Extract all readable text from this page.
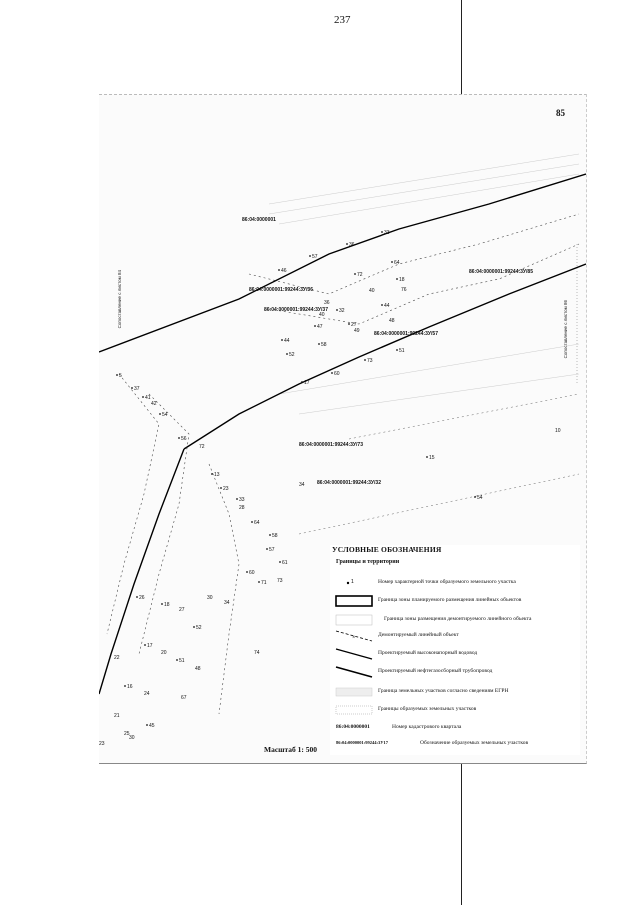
237
85
86:04:0000001
86:04:0000001:99244:3У/85
86:04:0000001:99244:3У/36
86:04:0000001:99244:3У/37
86:04:0000001:99244:3У/57
86:04:0000001:99244:3У/73
86:04:0000001:99244:3У/32
5
37
41
42
54
56
72
13
23
33
28
64
58
57
61
60
71 73
30
34
26
18
27
52
17
20
22	51
48
74
16
24
67
21
45
25
23
30
46
57
36
33
64
72
40
18
76
44
48
32
36
47	27
49
40
44
52
58
73
51
60
17
15
54
34
10
Сопоставление с листом 84
Сопоставление с листом 86
УСЛОВНЫЕ ОБОЗНАЧЕНИЯ
Границы и территории
1	Номер характерной точки образуемого земельного участка
Граница зоны планируемого размещения линейных объектов
Граница зоны размещения демонтируемого линейного объекта
×	Демонтируемый линейный объект
Проектируемый высоконапорный водовод
Проектируемый нефтегазосборный трубопровод
Граница земельных участков согласно сведениям ЕГРН
Границы образуемых земельных участков
86:04:0000001	Номер кадастрового квартала
86:04:0000001:99244:3У17	Обозначение образуемых земельных участков
Масштаб 1: 500
